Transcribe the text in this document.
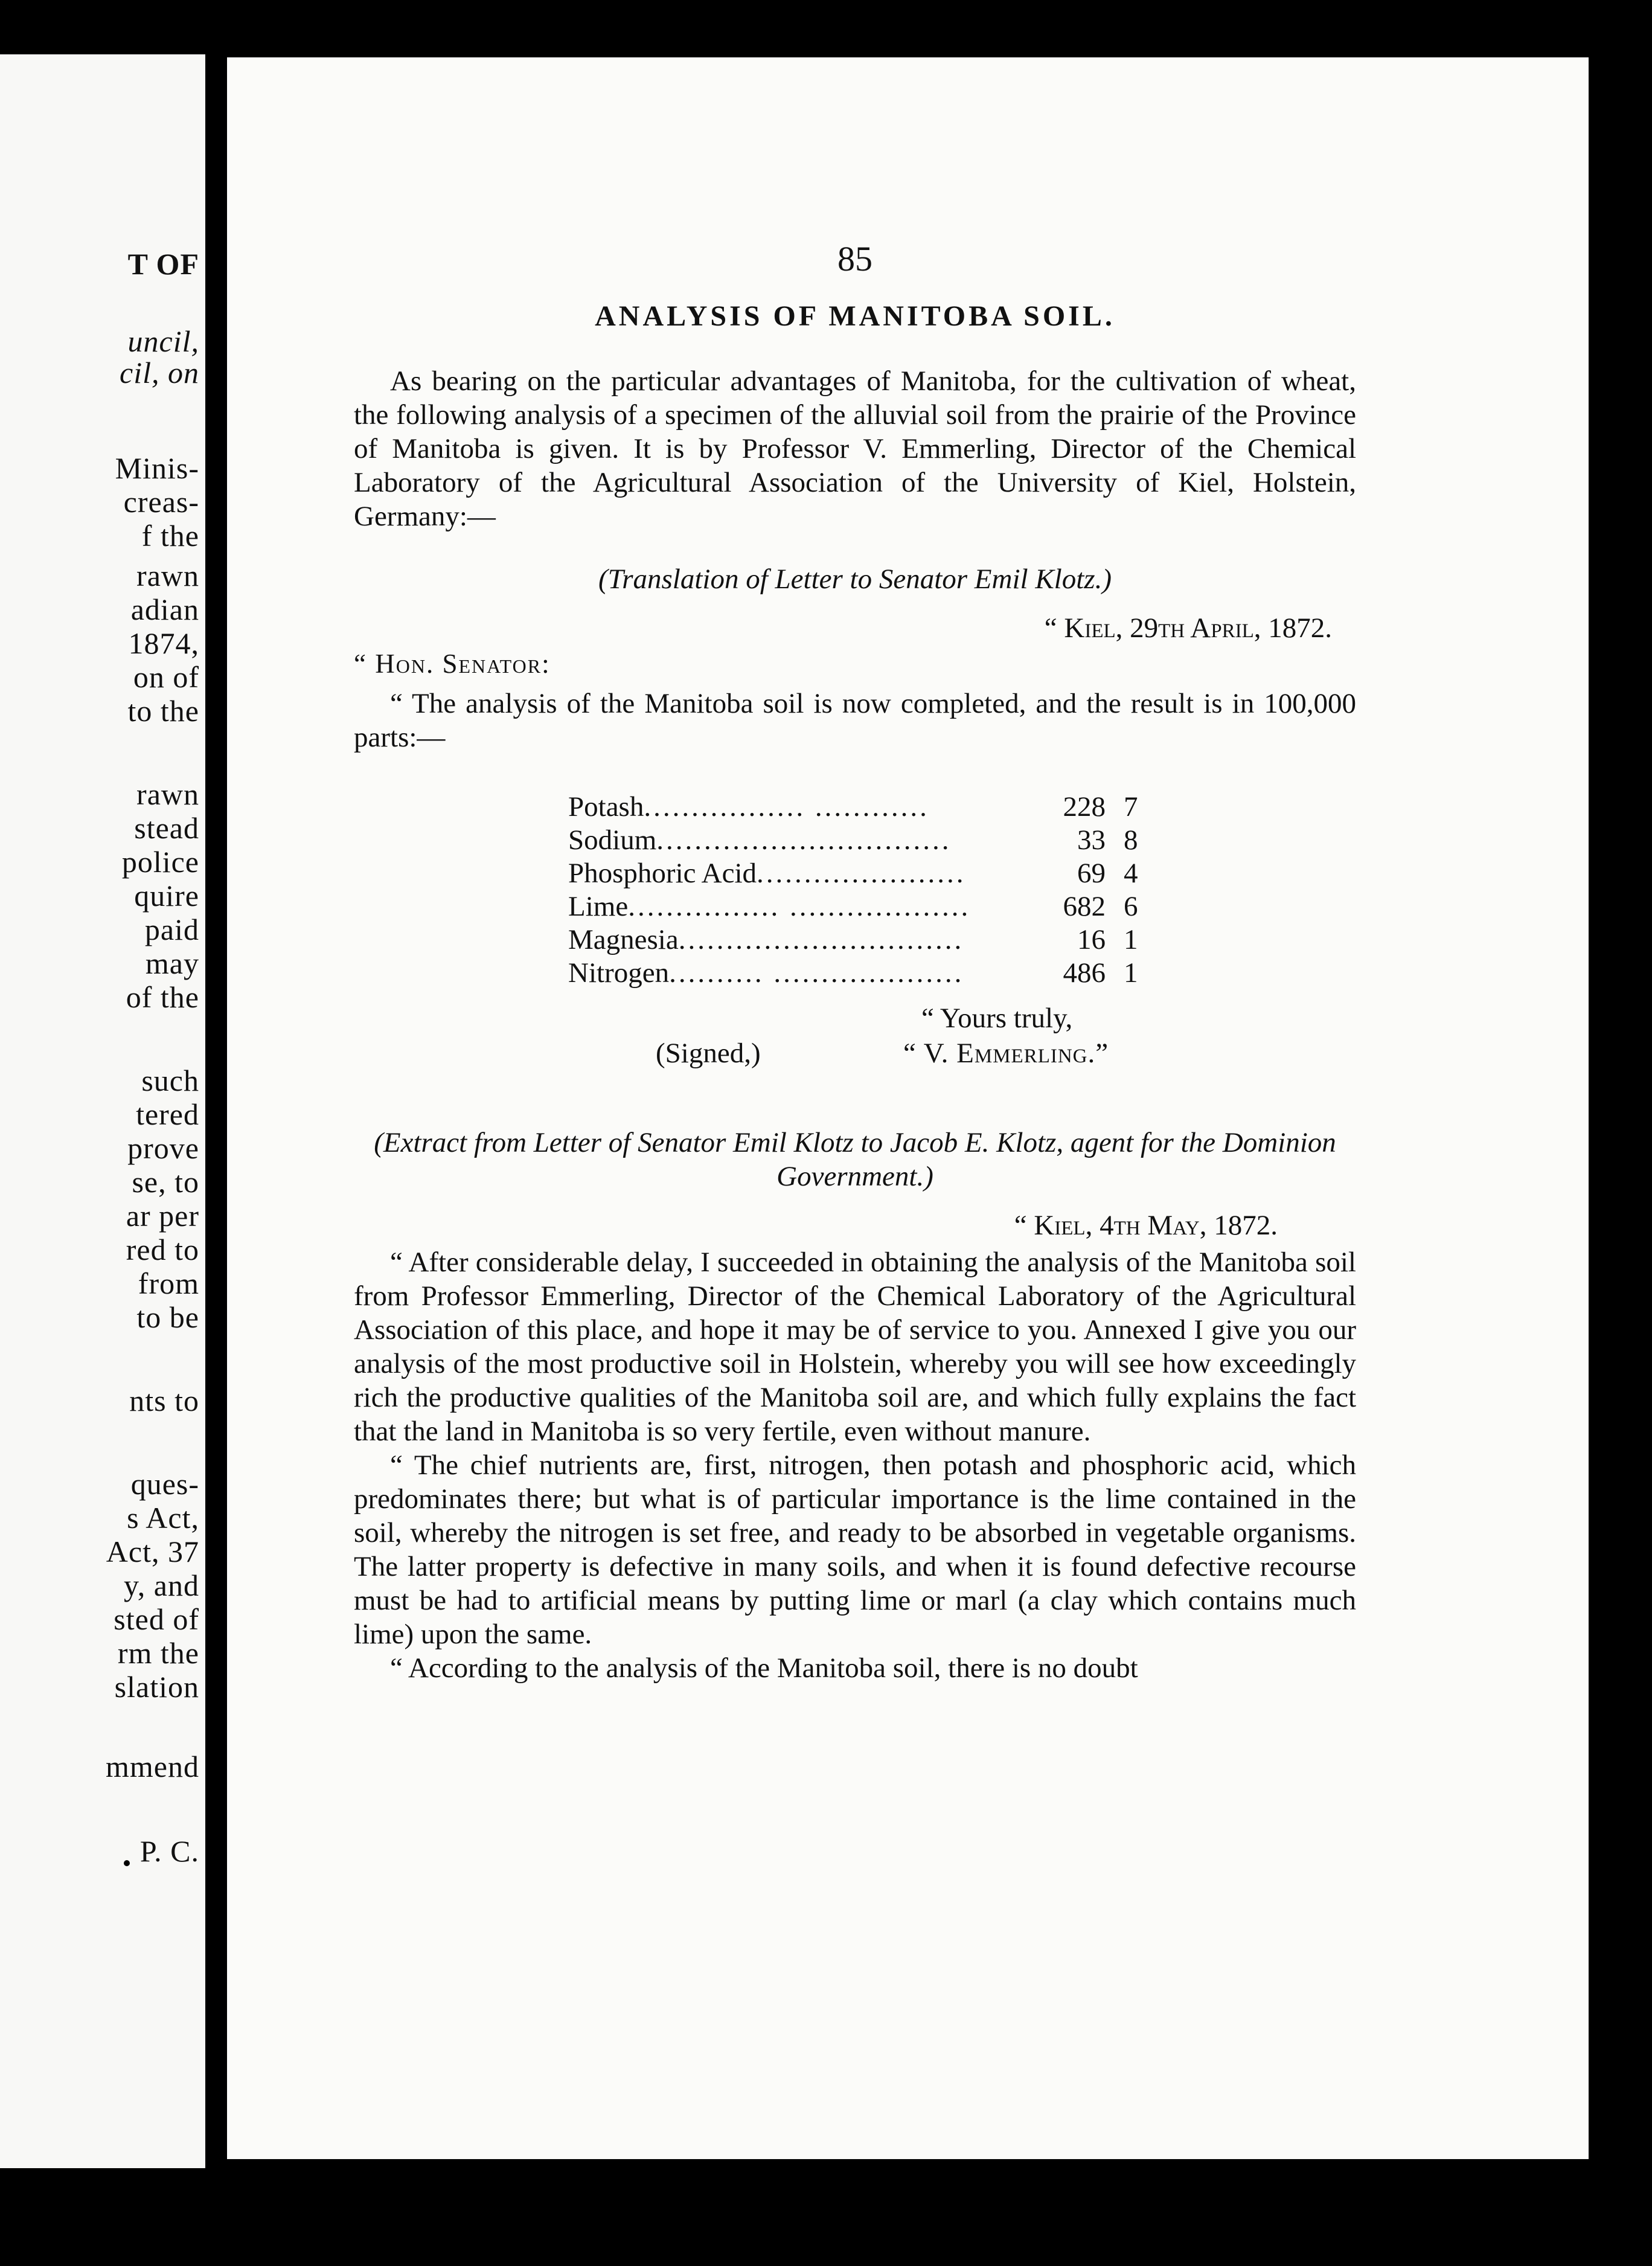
T OF
uncil,
cil, on
Minis-
creas-
f the
rawn
adian
1874,
on of
to the
rawn
stead
police
quire
paid
may
of the
such
tered
prove
se, to
ar per
red to
from
to be
nts to
ques-
s Act,
Act, 37
y, and
sted of
rm the
slation
mmend
P. C.
85
ANALYSIS OF MANITOBA SOIL.

As bearing on the particular advantages of Manitoba, for the cultivation of wheat, the following analysis of a specimen of the alluvial soil from the prairie of the Province of Manitoba is given. It is by Professor V. Emmerling, Director of the Chemical Laboratory of the Agricultural Association of the University of Kiel, Holstein, Germany:—

(Translation of Letter to Senator Emil Klotz.)
“ Kiel, 29th April, 1872.
“ Hon. Senator:

“ The analysis of the Manitoba soil is now completed, and the result is in 100,000 parts:—

Potash................. ............	228	7
Sodium...............................	33	8
Phosphoric Acid......................	69	4
Lime................ ...................	682	6
Magnesia..............................	16	1
Nitrogen.......... ....................	486	1
“ Yours truly,
(Signed,)	“ V. Emmerling.”
(Extract from Letter of Senator Emil Klotz to Jacob E. Klotz, agent for the Dominion Government.)
“ Kiel, 4th May, 1872.

“ After considerable delay, I succeeded in obtaining the analysis of the Manitoba soil from Professor Emmerling, Director of the Chemical Laboratory of the Agricultural Association of this place, and hope it may be of service to you. Annexed I give you our analysis of the most productive soil in Holstein, whereby you will see how exceedingly rich the productive qualities of the Manitoba soil are, and which fully explains the fact that the land in Manitoba is so very fertile, even without manure.

“ The chief nutrients are, first, nitrogen, then potash and phosphoric acid, which predominates there; but what is of particular importance is the lime contained in the soil, whereby the nitrogen is set free, and ready to be absorbed in vegetable organisms. The latter property is defective in many soils, and when it is found defective recourse must be had to artificial means by putting lime or marl (a clay which contains much lime) upon the same.

“ According to the analysis of the Manitoba soil, there is no doubt
